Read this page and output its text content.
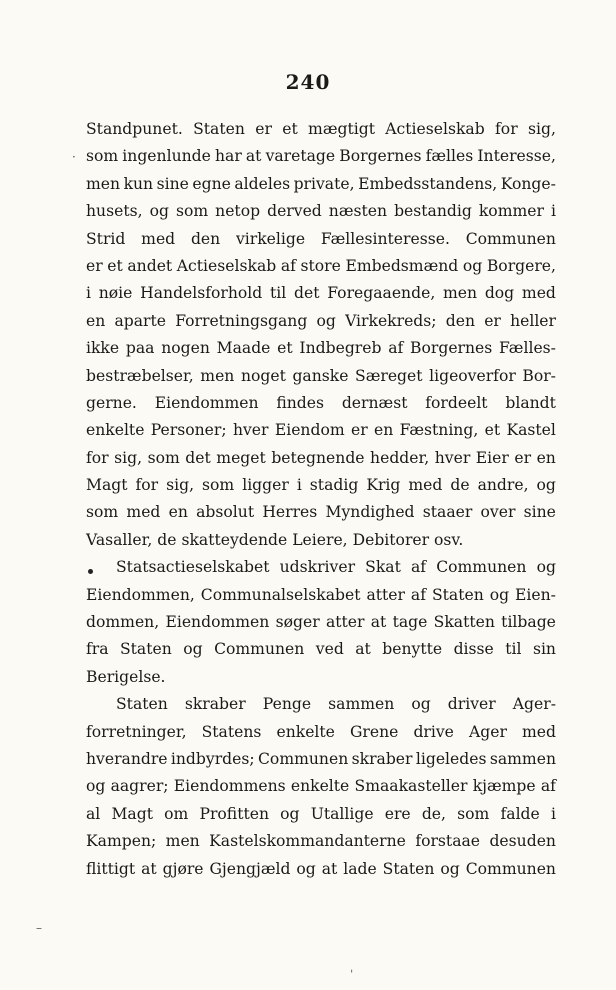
240
Standpunet. Staten er et mægtigt Actieselskab for sig,
som ingenlunde har at varetage Borgernes fælles Interesse,
men kun sine egne aldeles private, Embedsstandens, Konge-
husets, og som netop derved næsten bestandig kommer i
Strid med den virkelige Fællesinteresse. Communen
er et andet Actieselskab af store Embedsmænd og Borgere,
i nøie Handelsforhold til det Foregaaende, men dog med
en aparte Forretningsgang og Virkekreds; den er heller
ikke paa nogen Maade et Indbegreb af Borgernes Fælles-
bestræbelser, men noget ganske Særeget ligeoverfor Bor-
gerne. Eiendommen findes dernæst fordeelt blandt
enkelte Personer; hver Eiendom er en Fæstning, et Kastel
for sig, som det meget betegnende hedder, hver Eier er en
Magt for sig, som ligger i stadig Krig med de andre, og
som med en absolut Herres Myndighed staaer over sine
Vasaller, de skatteydende Leiere, Debitorer osv.
Statsactieselskabet udskriver Skat af Communen og
Eiendommen, Communalselskabet atter af Staten og Eien-
dommen, Eiendommen søger atter at tage Skatten tilbage
fra Staten og Communen ved at benytte disse til sin
Berigelse.
Staten skraber Penge sammen og driver Ager-
forretninger, Statens enkelte Grene drive Ager med
hverandre indbyrdes; Communen skraber ligeledes sammen
og aagrer; Eiendommens enkelte Smaakasteller kjæmpe af
al Magt om Profitten og Utallige ere de, som falde i
Kampen; men Kastelskommandanterne forstaae desuden
flittigt at gjøre Gjengjæld og at lade Staten og Communen
·
–
ˌ
